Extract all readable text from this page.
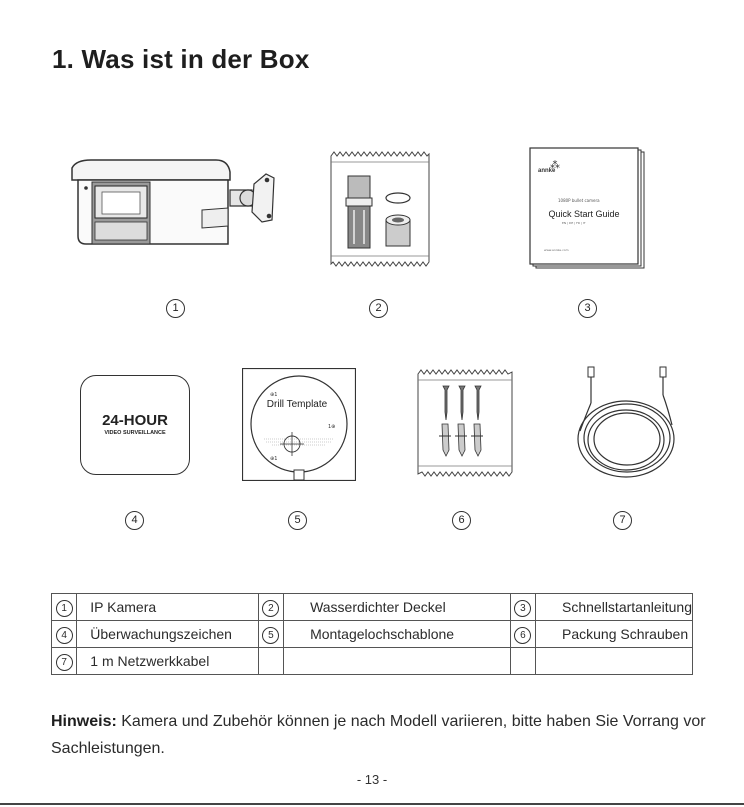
1. Was ist in der Box
⁂
www.annke.com
1080P bullet camera
EN | DE | FR | IT
annke
Quick Start Guide
24-HOUR
VIDEO SURVEILLANCE
⊕1
1⊕
⊕1
Drill Template
1	2	3
4	5	6	7
1	IP Kamera	2	Wasserdichter Deckel	3	Schnellstartanleitung
4	Überwachungszeichen	5	Montagelochschablone	6	Packung Schrauben
7	1 m Netzwerkkabel				
Hinweis: Kamera und Zubehör können je nach Modell variieren, bitte haben Sie Vorrang vor Sachleistungen.
- 13 -
